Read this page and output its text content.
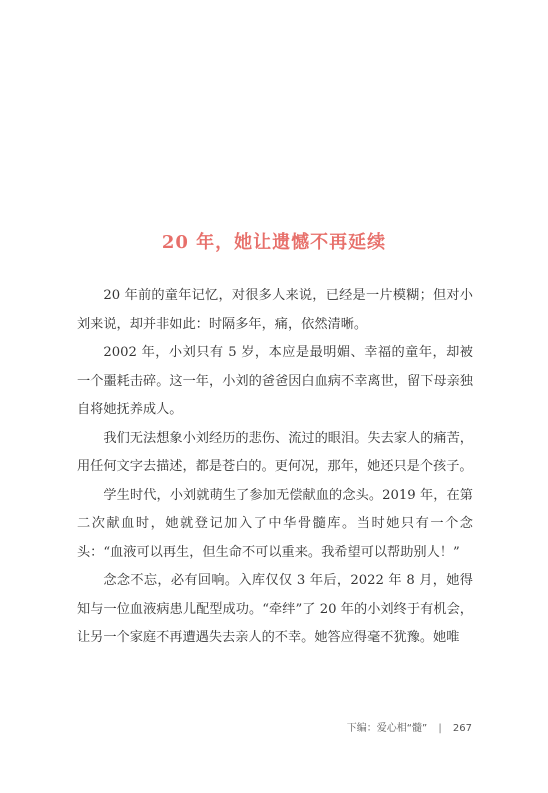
20 年，她让遗憾不再延续

20 年前的童年记忆，对很多人来说，已经是一片模糊；但对小刘来说，却并非如此：时隔多年，痛，依然清晰。

2002 年，小刘只有 5 岁，本应是最明媚、幸福的童年，却被一个噩耗击碎。这一年，小刘的爸爸因白血病不幸离世，留下母亲独自将她抚养成人。

我们无法想象小刘经历的悲伤、流过的眼泪。失去家人的痛苦，用任何文字去描述，都是苍白的。更何况，那年，她还只是个孩子。

学生时代，小刘就萌生了参加无偿献血的念头。2019 年，在第二次献血时，她就登记加入了中华骨髓库。当时她只有一个念头：“血液可以再生，但生命不可以重来。我希望可以帮助别人！”

念念不忘，必有回响。入库仅仅 3 年后，2022 年 8 月，她得知与一位血液病患儿配型成功。“牵绊”了 20 年的小刘终于有机会，让另一个家庭不再遭遇失去亲人的不幸。她答应得毫不犹豫。她唯

下编：爱心相“髓” | 267
